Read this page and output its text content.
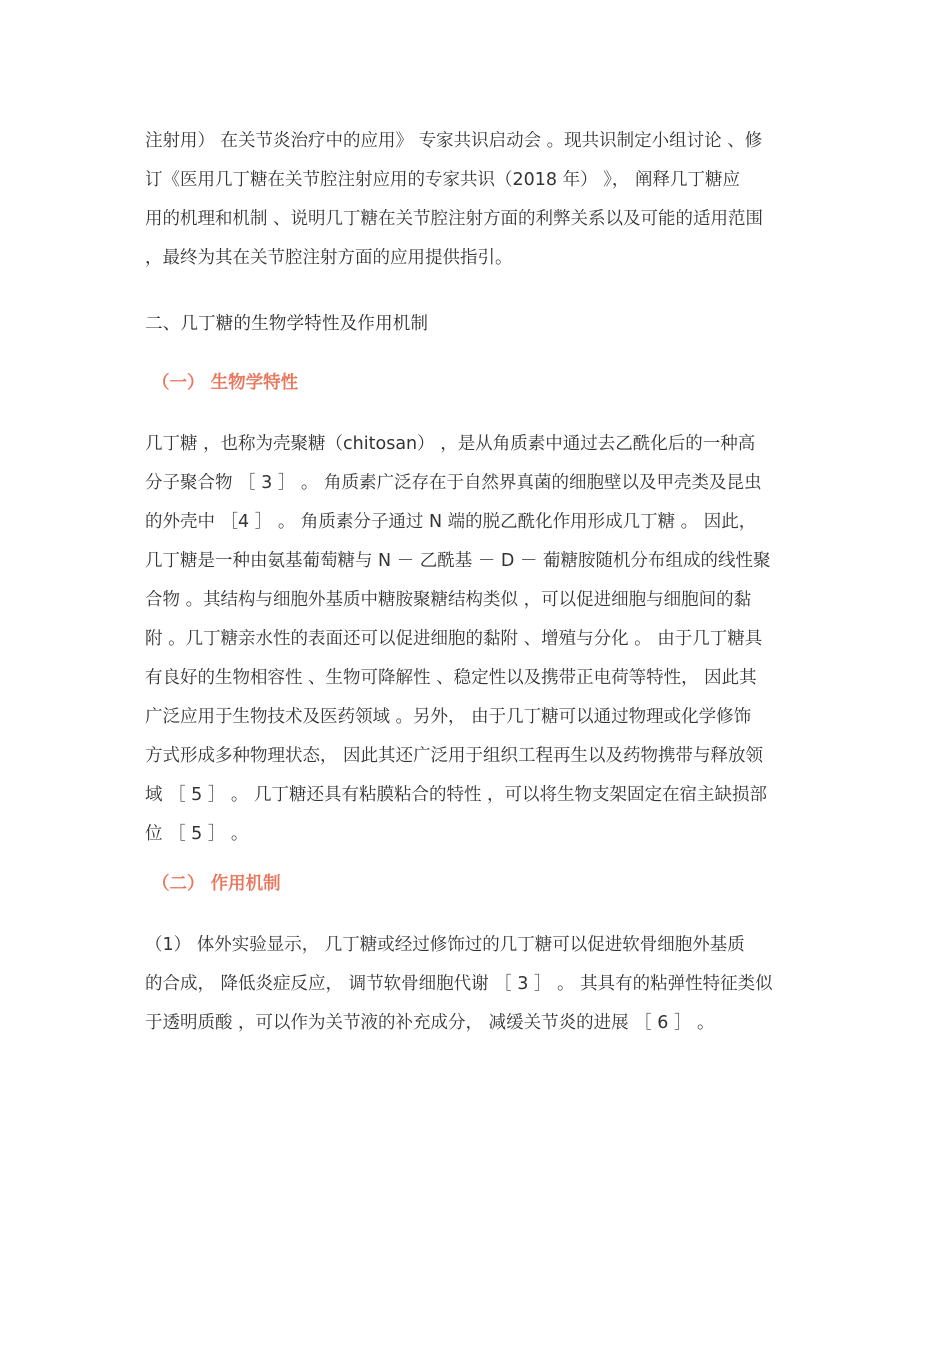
注射用） 在关节炎治疗中的应用》 专家共识启动会 。现共识制定小组讨论 、修
订《医用几丁糖在关节腔注射应用的专家共识（2018 年） 》， 阐释几丁糖应
用的机理和机制 、说明几丁糖在关节腔注射方面的利弊关系以及可能的适用范围
，最终为其在关节腔注射方面的应用提供指引。
二、几丁糖的生物学特性及作用机制
（一） 生物学特性
几丁糖 ，也称为壳聚糖（chitosan） ，是从角质素中通过去乙酰化后的一种高
分子聚合物 ［ 3 ］ 。 角质素广泛存在于自然界真菌的细胞壁以及甲壳类及昆虫
的外壳中 ［4 ］ 。 角质素分子通过 N 端的脱乙酰化作用形成几丁糖 。 因此，
几丁糖是一种由氨基葡萄糖与 N － 乙酰基 － D － 葡糖胺随机分布组成的线性聚
合物 。其结构与细胞外基质中糖胺聚糖结构类似 ，可以促进细胞与细胞间的黏
附 。几丁糖亲水性的表面还可以促进细胞的黏附 、增殖与分化 。 由于几丁糖具
有良好的生物相容性 、生物可降解性 、稳定性以及携带正电荷等特性， 因此其
广泛应用于生物技术及医药领域 。另外， 由于几丁糖可以通过物理或化学修饰
方式形成多种物理状态， 因此其还广泛用于组织工程再生以及药物携带与释放领
域 ［ 5 ］ 。 几丁糖还具有粘膜粘合的特性 ，可以将生物支架固定在宿主缺损部
位 ［ 5 ］ 。
（二） 作用机制
（1） 体外实验显示， 几丁糖或经过修饰过的几丁糖可以促进软骨细胞外基质
的合成， 降低炎症反应， 调节软骨细胞代谢 ［ 3 ］ 。 其具有的粘弹性特征类似
于透明质酸 ，可以作为关节液的补充成分， 减缓关节炎的进展 ［ 6 ］ 。
